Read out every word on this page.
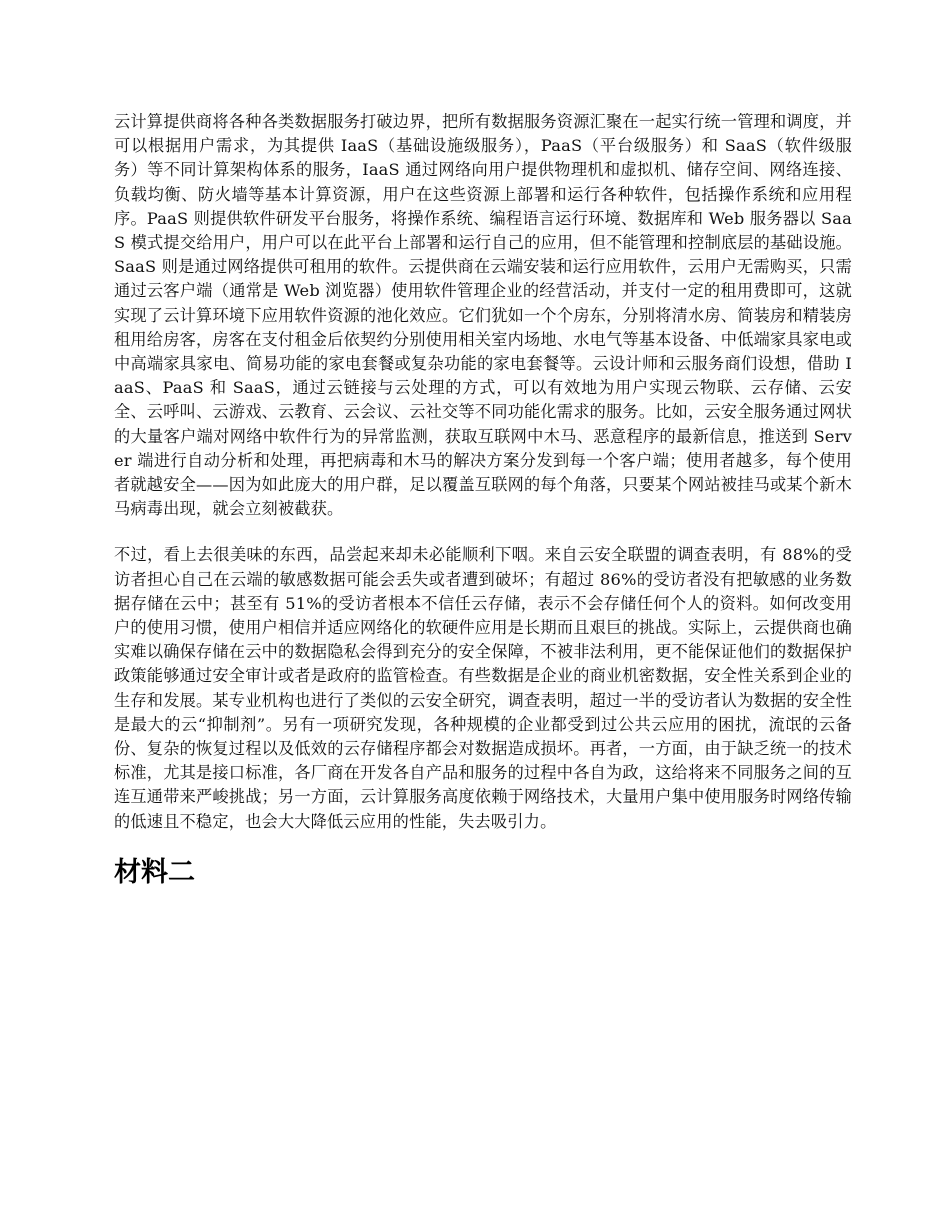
云计算提供商将各种各类数据服务打破边界，把所有数据服务资源汇聚在一起实行统一管理和调度，并可以根据用户需求，为其提供 IaaS（基础设施级服务），PaaS（平台级服务）和 SaaS（软件级服务）等不同计算架构体系的服务，IaaS 通过网络向用户提供物理机和虚拟机、储存空间、网络连接、负载均衡、防火墙等基本计算资源，用户在这些资源上部署和运行各种软件，包括操作系统和应用程序。PaaS 则提供软件研发平台服务，将操作系统、编程语言运行环境、数据库和 Web 服务器以 SaaS 模式提交给用户，用户可以在此平台上部署和运行自己的应用，但不能管理和控制底层的基础设施。SaaS 则是通过网络提供可租用的软件。云提供商在云端安装和运行应用软件，云用户无需购买，只需通过云客户端（通常是 Web 浏览器）使用软件管理企业的经营活动，并支付一定的租用费即可，这就实现了云计算环境下应用软件资源的池化效应。它们犹如一个个房东，分别将清水房、简装房和精装房租用给房客，房客在支付租金后依契约分别使用相关室内场地、水电气等基本设备、中低端家具家电或中高端家具家电、简易功能的家电套餐或复杂功能的家电套餐等。云设计师和云服务商们设想，借助 IaaS、PaaS 和 SaaS，通过云链接与云处理的方式，可以有效地为用户实现云物联、云存储、云安全、云呼叫、云游戏、云教育、云会议、云社交等不同功能化需求的服务。比如，云安全服务通过网状的大量客户端对网络中软件行为的异常监测，获取互联网中木马、恶意程序的最新信息，推送到 Server 端进行自动分析和处理，再把病毒和木马的解决方案分发到每一个客户端；使用者越多，每个使用者就越安全——因为如此庞大的用户群，足以覆盖互联网的每个角落，只要某个网站被挂马或某个新木马病毒出现，就会立刻被截获。

不过，看上去很美味的东西，品尝起来却未必能顺利下咽。来自云安全联盟的调查表明，有 88%的受访者担心自己在云端的敏感数据可能会丢失或者遭到破坏；有超过 86%的受访者没有把敏感的业务数据存储在云中；甚至有 51%的受访者根本不信任云存储，表示不会存储任何个人的资料。如何改变用户的使用习惯，使用户相信并适应网络化的软硬件应用是长期而且艰巨的挑战。实际上，云提供商也确实难以确保存储在云中的数据隐私会得到充分的安全保障，不被非法利用，更不能保证他们的数据保护政策能够通过安全审计或者是政府的监管检查。有些数据是企业的商业机密数据，安全性关系到企业的生存和发展。某专业机构也进行了类似的云安全研究，调查表明，超过一半的受访者认为数据的安全性是最大的云“抑制剂”。另有一项研究发现，各种规模的企业都受到过公共云应用的困扰，流氓的云备份、复杂的恢复过程以及低效的云存储程序都会对数据造成损坏。再者，一方面，由于缺乏统一的技术标准，尤其是接口标准，各厂商在开发各自产品和服务的过程中各自为政，这给将来不同服务之间的互连互通带来严峻挑战；另一方面，云计算服务高度依赖于网络技术，大量用户集中使用服务时网络传输的低速且不稳定，也会大大降低云应用的性能，失去吸引力。

材料二
